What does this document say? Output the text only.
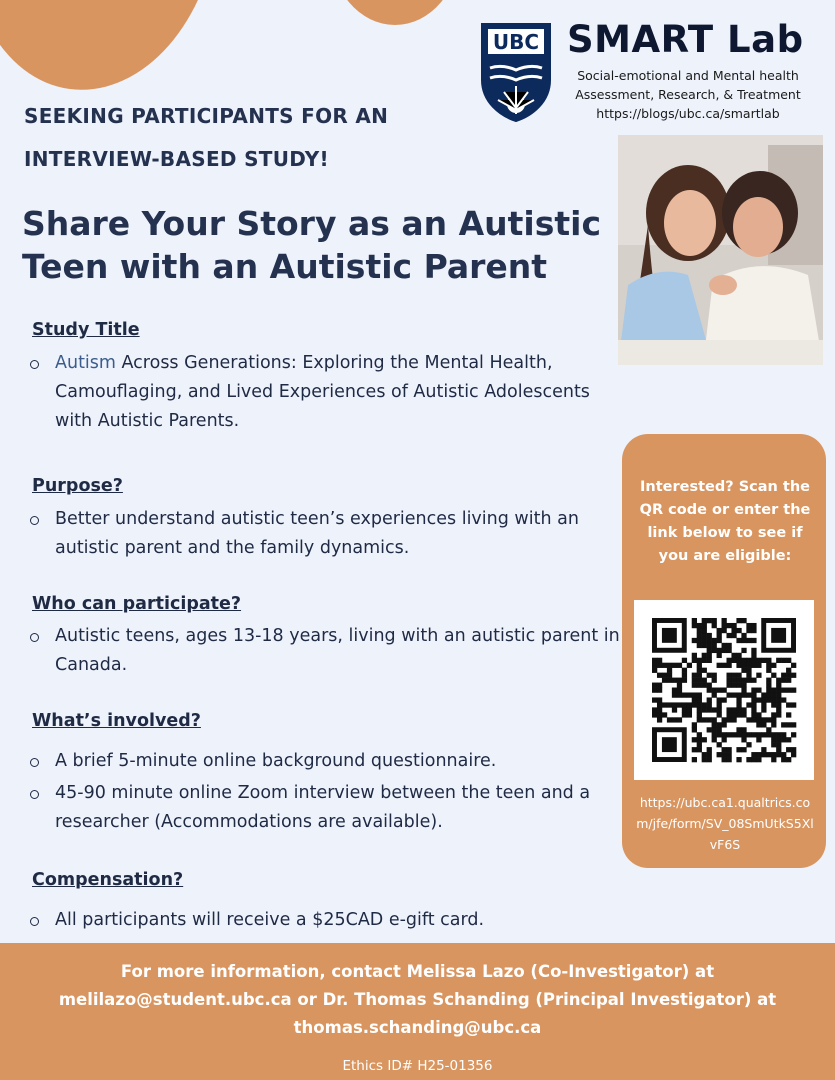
UBC SMART Lab
Social-emotional and Mental health
Assessment, Research, & Treatment
https://blogs/ubc.ca/smartlab
SEEKING PARTICIPANTS FOR AN
INTERVIEW-BASED STUDY!
Share Your Story as an Autistic
Teen with an Autistic Parent
Study Title
Autism Across Generations: Exploring the Mental Health, Camouflaging, and Lived Experiences of Autistic Adolescents with Autistic Parents.
Purpose?
Better understand autistic teen’s experiences living with an autistic parent and the family dynamics.
Who can participate?
Autistic teens, ages 13-18 years, living with an autistic parent in Canada.
What’s involved?
A brief 5-minute online background questionnaire.
45-90 minute online Zoom interview between the teen and a researcher (Accommodations are available).
Compensation?
All participants will receive a $25CAD e-gift card.
Interested? Scan the QR code or enter the link below to see if you are eligible:
https://ubc.ca1.qualtrics.com/jfe/form/SV_08SmUtkS5XlvF6S
For more information, contact Melissa Lazo (Co-Investigator) at
melilazo@student.ubc.ca or Dr. Thomas Schanding (Principal Investigator) at
thomas.schanding@ubc.ca
Ethics ID# H25-01356
